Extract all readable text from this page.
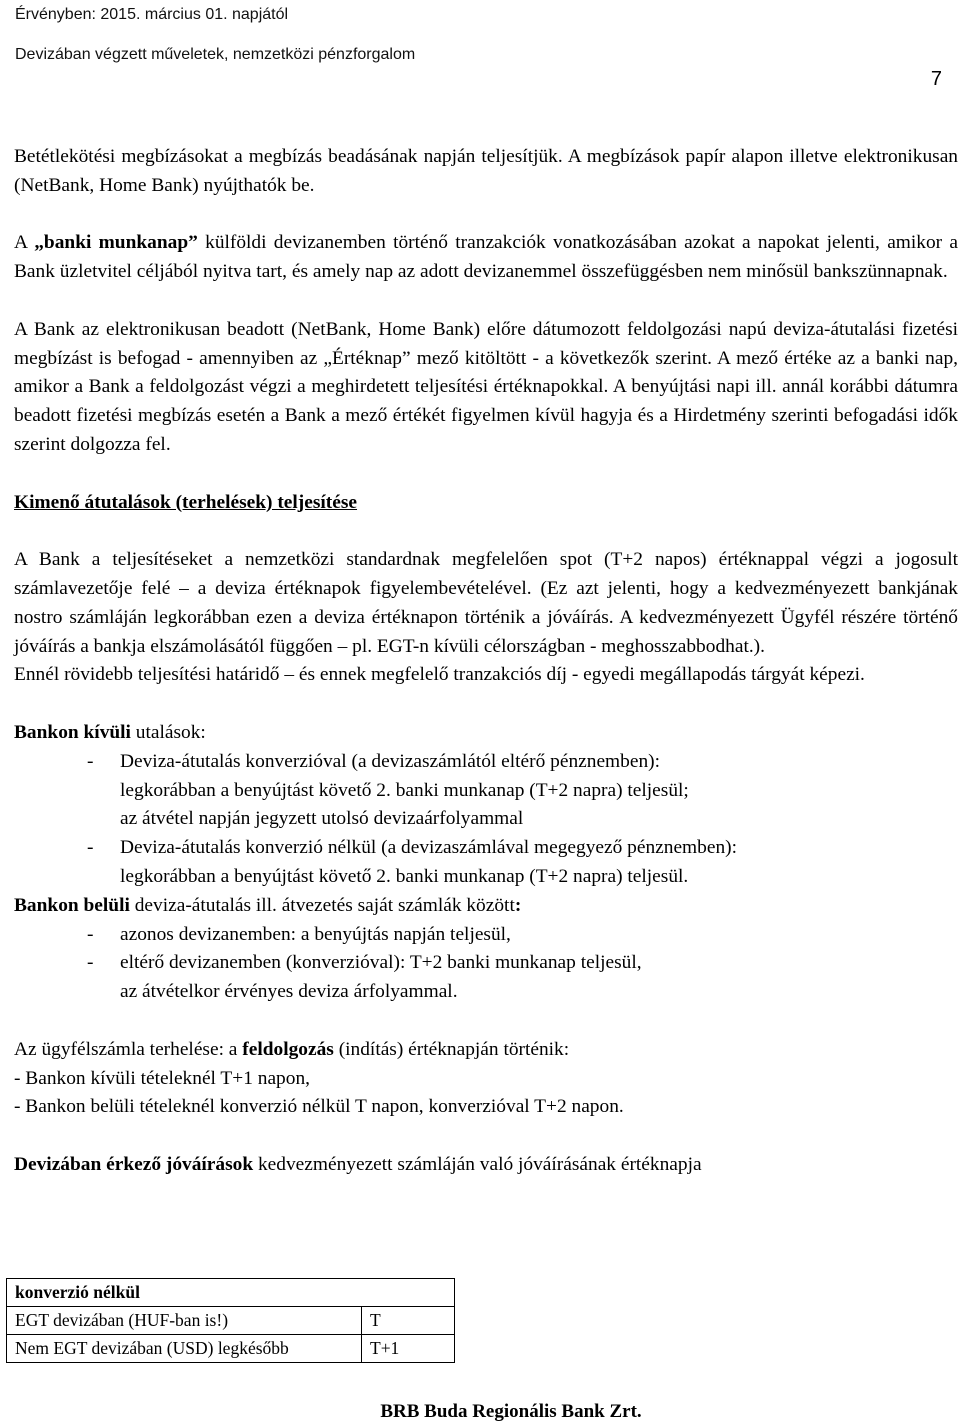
Érvényben: 2015. március 01. napjától
Devizában végzett műveletek, nemzetközi pénzforgalom
7

Betétlekötési megbízásokat a megbízás beadásának napján teljesítjük. A megbízások papír alapon illetve elektronikusan (NetBank, Home Bank) nyújthatók be.

A „banki munkanap” külföldi devizanemben történő tranzakciók vonatkozásában azokat a napokat jelenti, amikor a Bank üzletvitel céljából nyitva tart, és amely nap az adott devizanemmel összefüggésben nem minősül bankszünnapnak.

A Bank az elektronikusan beadott (NetBank, Home Bank) előre dátumozott feldolgozási napú deviza-átutalási fizetési megbízást is befogad - amennyiben az „Értéknap” mező kitöltött - a következők szerint. A mező értéke az a banki nap, amikor a Bank a feldolgozást végzi a meghirdetett teljesítési értéknapokkal. A benyújtási napi ill. annál korábbi dátumra beadott fizetési megbízás esetén a Bank a mező értékét figyelmen kívül hagyja és a Hirdetmény szerinti befogadási idők szerint dolgozza fel.

Kimenő átutalások (terhelések) teljesítése

A Bank a teljesítéseket a nemzetközi standardnak megfelelően spot (T+2 napos) értéknappal végzi a jogosult számlavezetője felé – a deviza értéknapok figyelembevételével. (Ez azt jelenti, hogy a kedvezményezett bankjának nostro számláján legkorábban ezen a deviza értéknapon történik a jóváírás. A kedvezményezett Ügyfél részére történő jóváírás a bankja elszámolásától függően – pl. EGT-n kívüli célországban - meghosszabbodhat.).

Ennél rövidebb teljesítési határidő – és ennek megfelelő tranzakciós díj - egyedi megállapodás tárgyát képezi.

Bankon kívüli utalások:

-	Deviza-átutalás konverzióval (a devizaszámlától eltérő pénznemben):
legkorábban a benyújtást követő 2. banki munkanap (T+2 napra) teljesül;
az átvétel napján jegyzett utolsó devizaárfolyammal
-	Deviza-átutalás konverzió nélkül (a devizaszámlával megegyező pénznemben):
legkorábban a benyújtást követő 2. banki munkanap (T+2 napra) teljesül.

Bankon belüli deviza-átutalás ill. átvezetés saját számlák között:

-	azonos devizanemben: a benyújtás napján teljesül,
-	eltérő devizanemben (konverzióval): T+2 banki munkanap teljesül,
az átvételkor érvényes deviza árfolyammal.

Az ügyfélszámla terhelése: a feldolgozás (indítás) értéknapján történik:

- Bankon kívüli tételeknél T+1 napon,

- Bankon belüli tételeknél konverzió nélkül T napon, konverzióval T+2 napon.

Devizában érkező jóváírások kedvezményezett számláján való jóváírásának értéknapja

konverzió nélkül	
EGT devizában (HUF-ban is!)	T
Nem EGT devizában (USD) legkésőbb	T+1
BRB Buda Regionális Bank Zrt.
